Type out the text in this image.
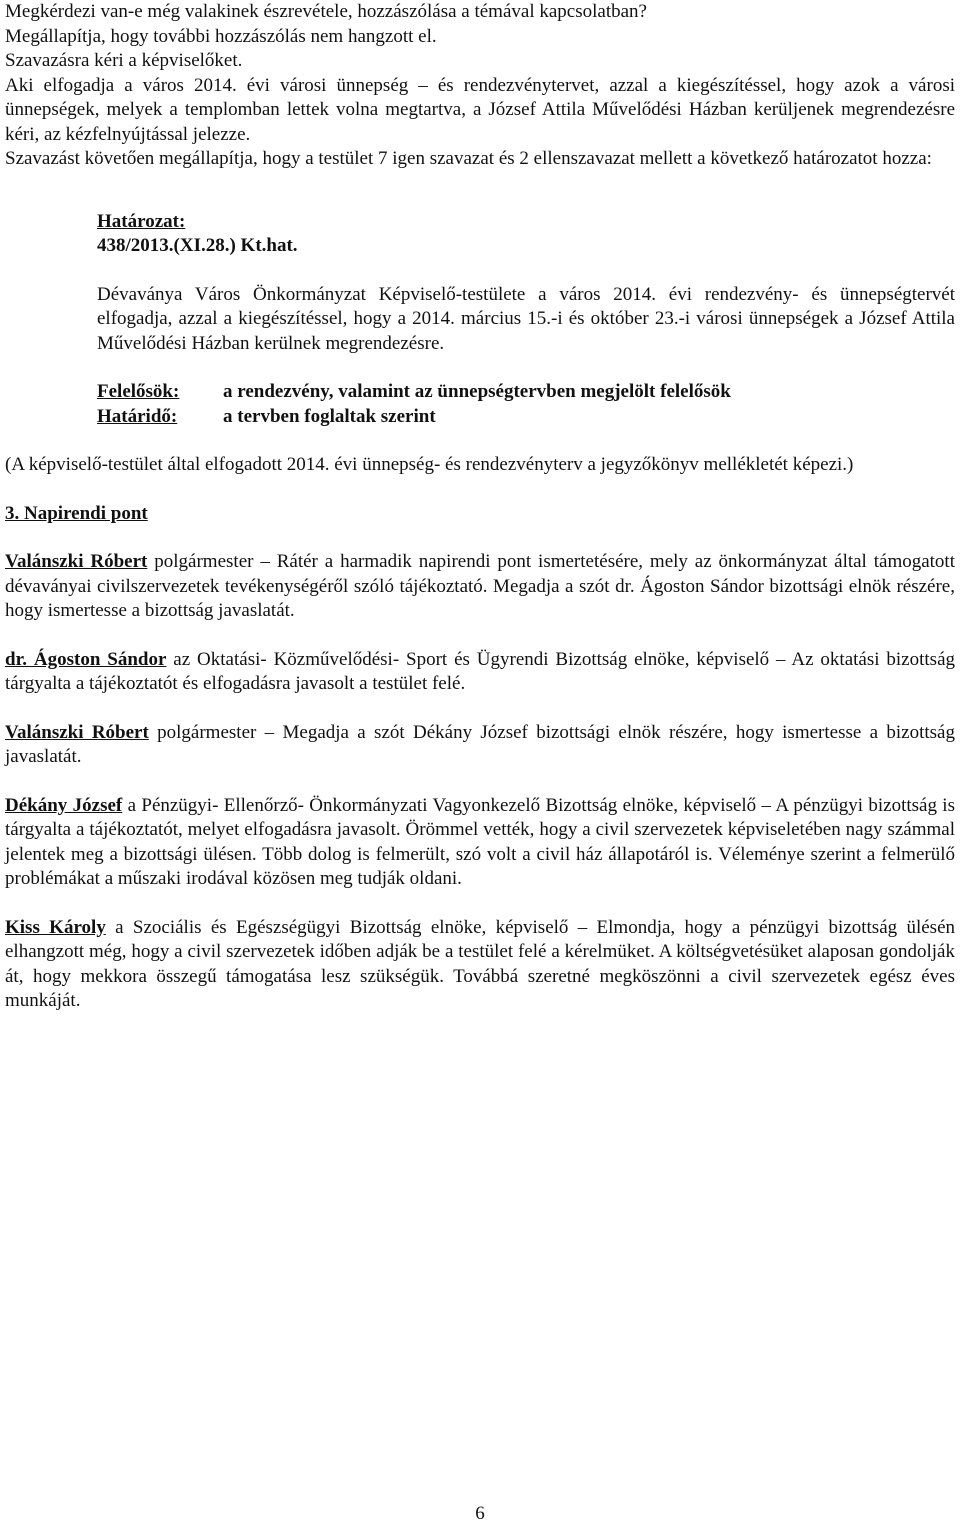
Megkérdezi van-e még valakinek észrevétele, hozzászólása a témával kapcsolatban?

Megállapítja, hogy további hozzászólás nem hangzott el.

Szavazásra kéri a képviselőket.

Aki elfogadja a város 2014. évi városi ünnepség – és rendezvénytervet, azzal a kiegészítéssel, hogy azok a városi ünnepségek, melyek a templomban lettek volna megtartva, a József Attila Művelődési Házban kerüljenek megrendezésre kéri, az kézfelnyújtással jelezze.

Szavazást követően megállapítja, hogy a testület 7 igen szavazat és 2 ellenszavazat mellett a következő határozatot hozza:

Határozat:

438/2013.(XI.28.) Kt.hat.

Dévaványa Város Önkormányzat Képviselő-testülete a város 2014. évi rendezvény- és ünnepségtervét elfogadja, azzal a kiegészítéssel, hogy a 2014. március 15.-i és október 23.-i városi ünnepségek a József Attila Művelődési Házban kerülnek megrendezésre.

Felelősök:	a rendezvény, valamint az ünnepségtervben megjelölt felelősök
Határidő:	a tervben foglaltak szerint

(A képviselő-testület által elfogadott 2014. évi ünnepség- és rendezvényterv a jegyzőkönyv mellékletét képezi.)

3. Napirendi pont

Valánszki Róbert polgármester – Rátér a harmadik napirendi pont ismertetésére, mely az önkormányzat által támogatott dévaványai civilszervezetek tevékenységéről szóló tájékoztató. Megadja a szót dr. Ágoston Sándor bizottsági elnök részére, hogy ismertesse a bizottság javaslatát.

dr. Ágoston Sándor az Oktatási- Közművelődési- Sport és Ügyrendi Bizottság elnöke, képviselő – Az oktatási bizottság tárgyalta a tájékoztatót és elfogadásra javasolt a testület felé.

Valánszki Róbert polgármester – Megadja a szót Dékány József bizottsági elnök részére, hogy ismertesse a bizottság javaslatát.

Dékány József a Pénzügyi- Ellenőrző- Önkormányzati Vagyonkezelő Bizottság elnöke, képviselő – A pénzügyi bizottság is tárgyalta a tájékoztatót, melyet elfogadásra javasolt. Örömmel vették, hogy a civil szervezetek képviseletében nagy számmal jelentek meg a bizottsági ülésen. Több dolog is felmerült, szó volt a civil ház állapotáról is. Véleménye szerint a felmerülő problémákat a műszaki irodával közösen meg tudják oldani.

Kiss Károly a Szociális és Egészségügyi Bizottság elnöke, képviselő – Elmondja, hogy a pénzügyi bizottság ülésén elhangzott még, hogy a civil szervezetek időben adják be a testület felé a kérelmüket. A költségvetésüket alaposan gondolják át, hogy mekkora összegű támogatása lesz szükségük. Továbbá szeretné megköszönni a civil szervezetek egész éves munkáját.

6
